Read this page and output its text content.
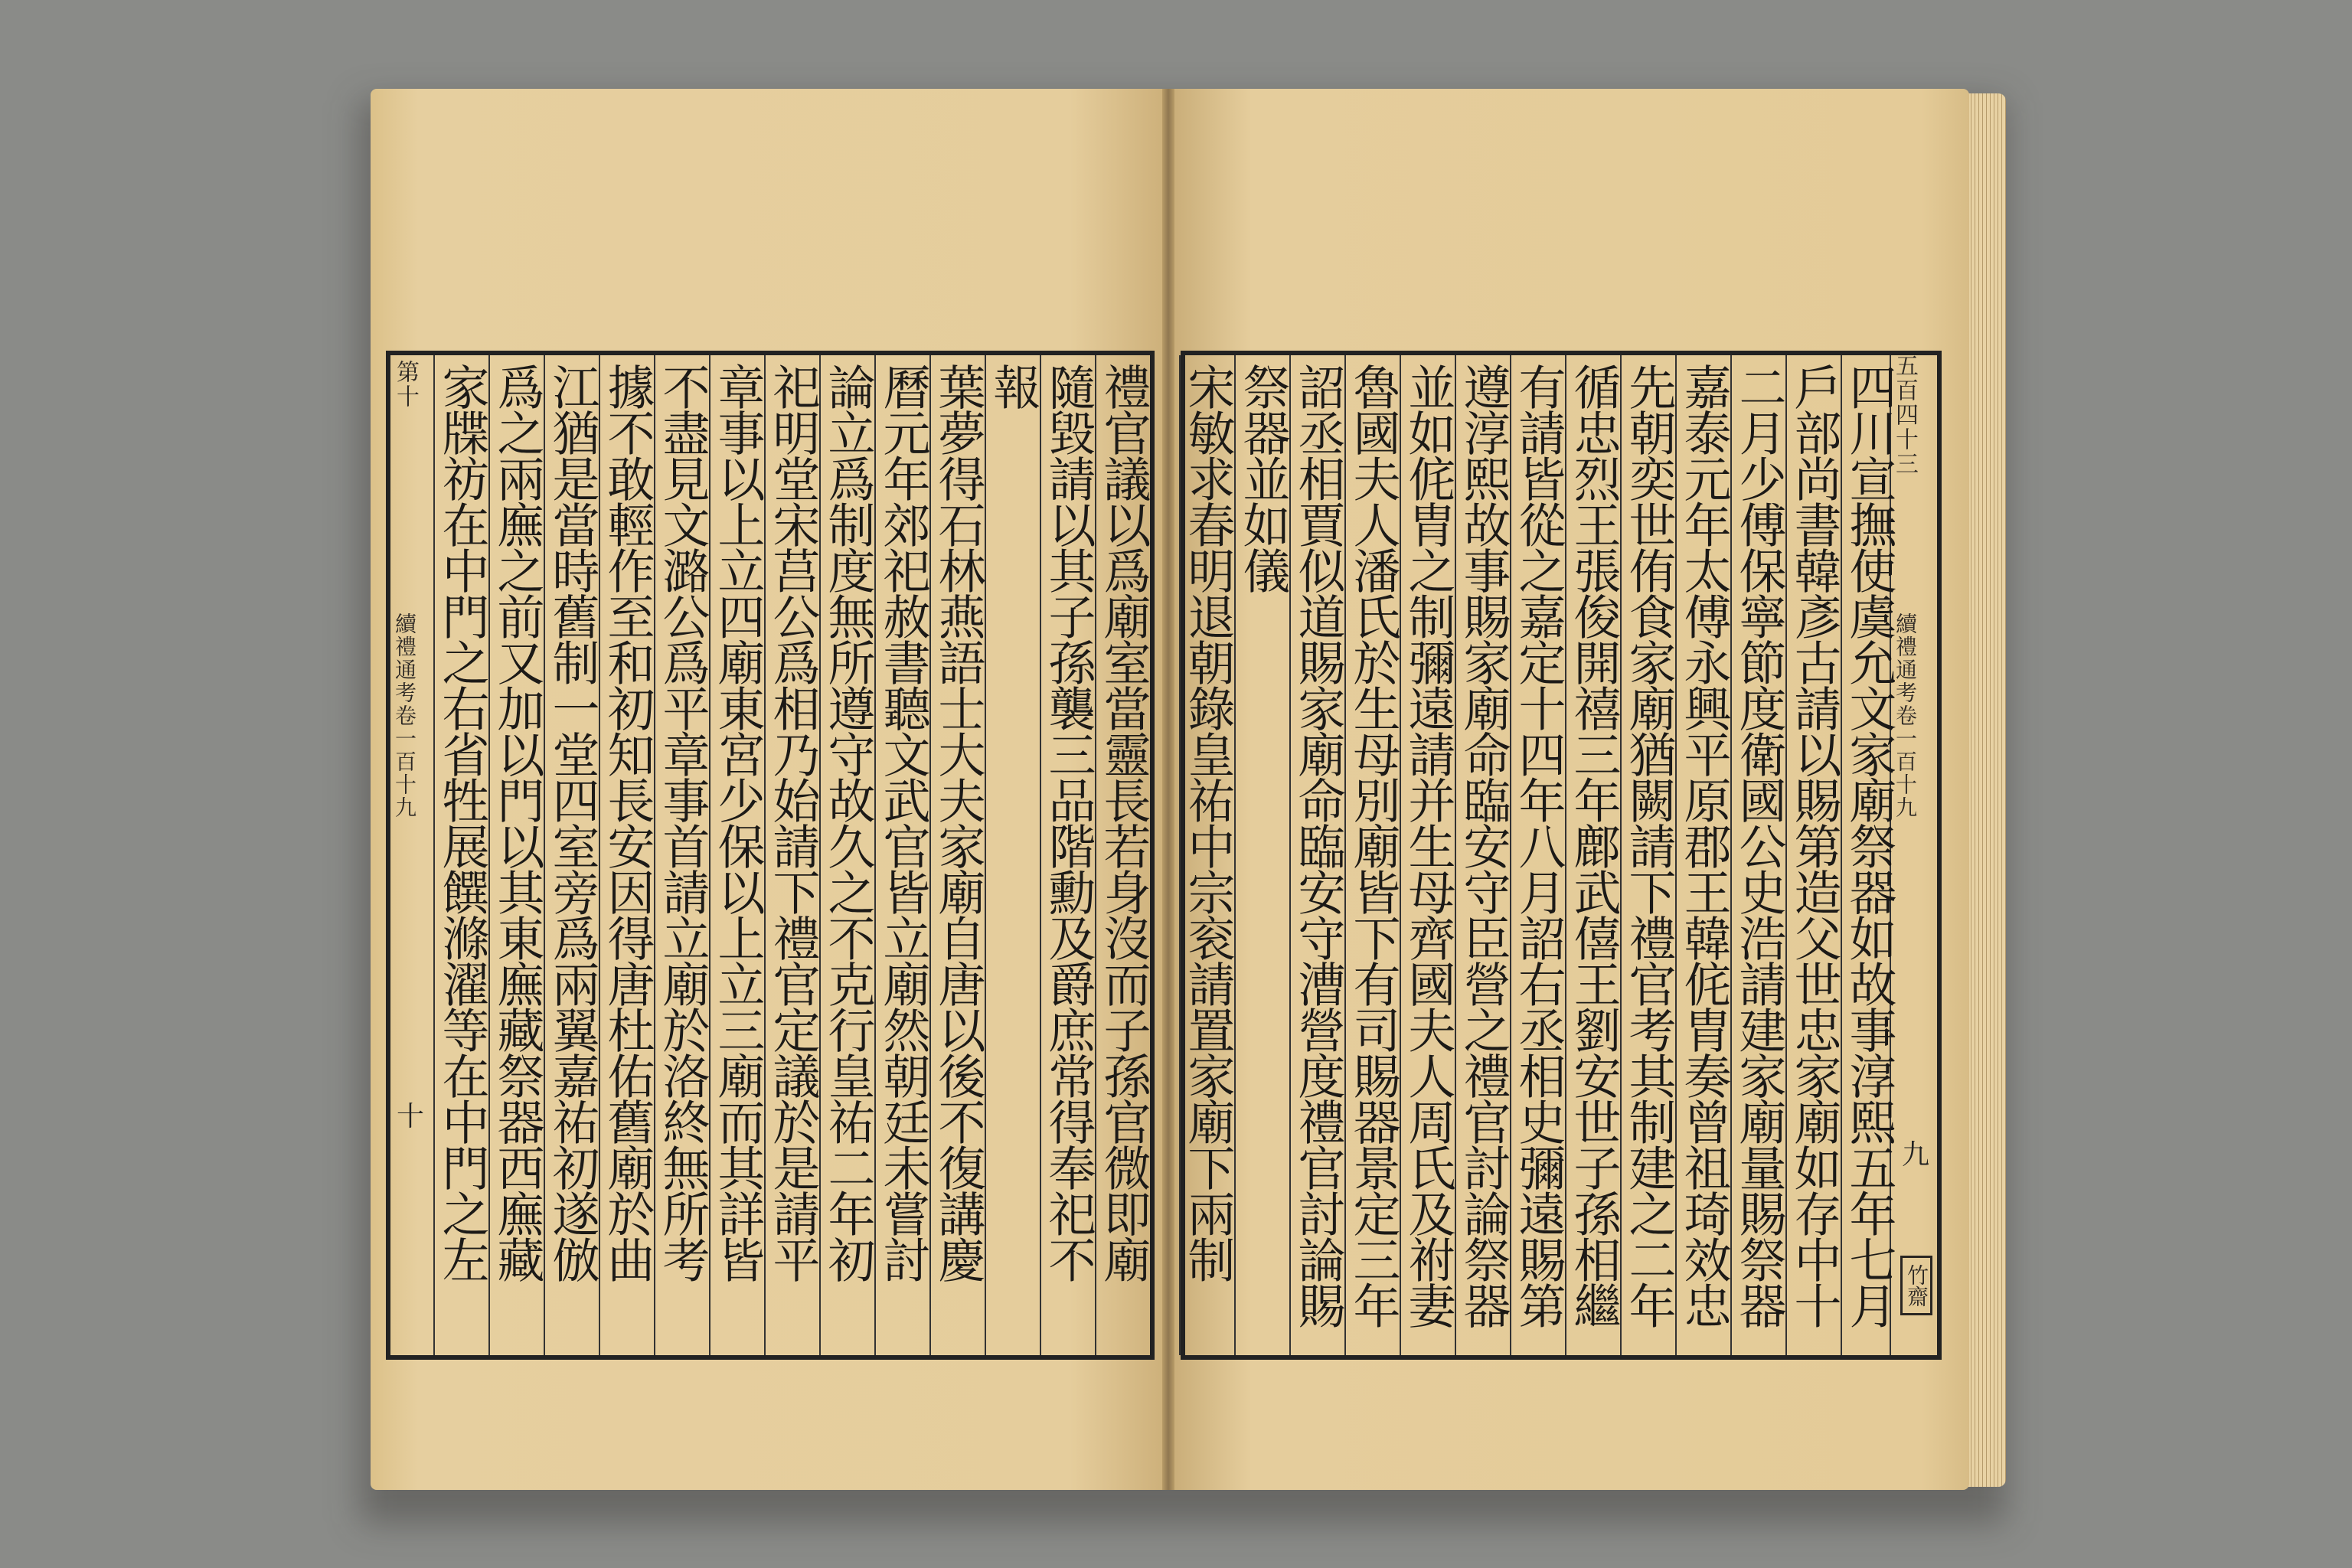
五百四十三
續禮通考卷一百十九
九
竹齋
四川宣撫使虞允文家廟祭器如故事淳熙五年七月
戶部尚書韓彥古請以賜第造父世忠家廟如存中十
二月少傅保寧節度衛國公史浩請建家廟量賜祭器
嘉泰元年太傅永興平原郡王韓侂胄奏曾祖琦效忠
先朝奕世侑食家廟猶闕請下禮官考其制建之二年
循忠烈王張俊開禧三年鄜武僖王劉安世子孫相繼
有請皆從之嘉定十四年八月詔右丞相史彌遠賜第
遵淳熙故事賜家廟命臨安守臣營之禮官討論祭器
並如侂胄之制彌遠請并生母齊國夫人周氏及祔妻
魯國夫人潘氏於生母別廟皆下有司賜器景定三年
詔丞相賈似道賜家廟命臨安守漕營度禮官討論賜
祭器並如儀
宋敏求春明退朝錄皇祐中宗衮請置家廟下兩制
續禮通考卷一百十九
十
第十	禮官議以爲廟室當靈長若身沒而子孫官微即廟
隨毀請以其子孫襲三品階勳及爵庶常得奉祀不
報
葉夢得石林燕語士大夫家廟自唐以後不復講慶
曆元年郊祀赦書聽文武官皆立廟然朝廷未嘗討
論立爲制度無所遵守故久之不克行皇祐二年初
祀明堂宋莒公爲相乃始請下禮官定議於是請平
章事以上立四廟東宮少保以上立三廟而其詳皆
不盡見文潞公爲平章事首請立廟於洛終無所考
據不敢輕作至和初知長安因得唐杜佑舊廟於曲
江猶是當時舊制一堂四室旁爲兩翼嘉祐初遂倣
爲之兩廡之前又加以門以其東廡藏祭器西廡藏
家牒祊在中門之右省牲展饌滌濯等在中門之左
